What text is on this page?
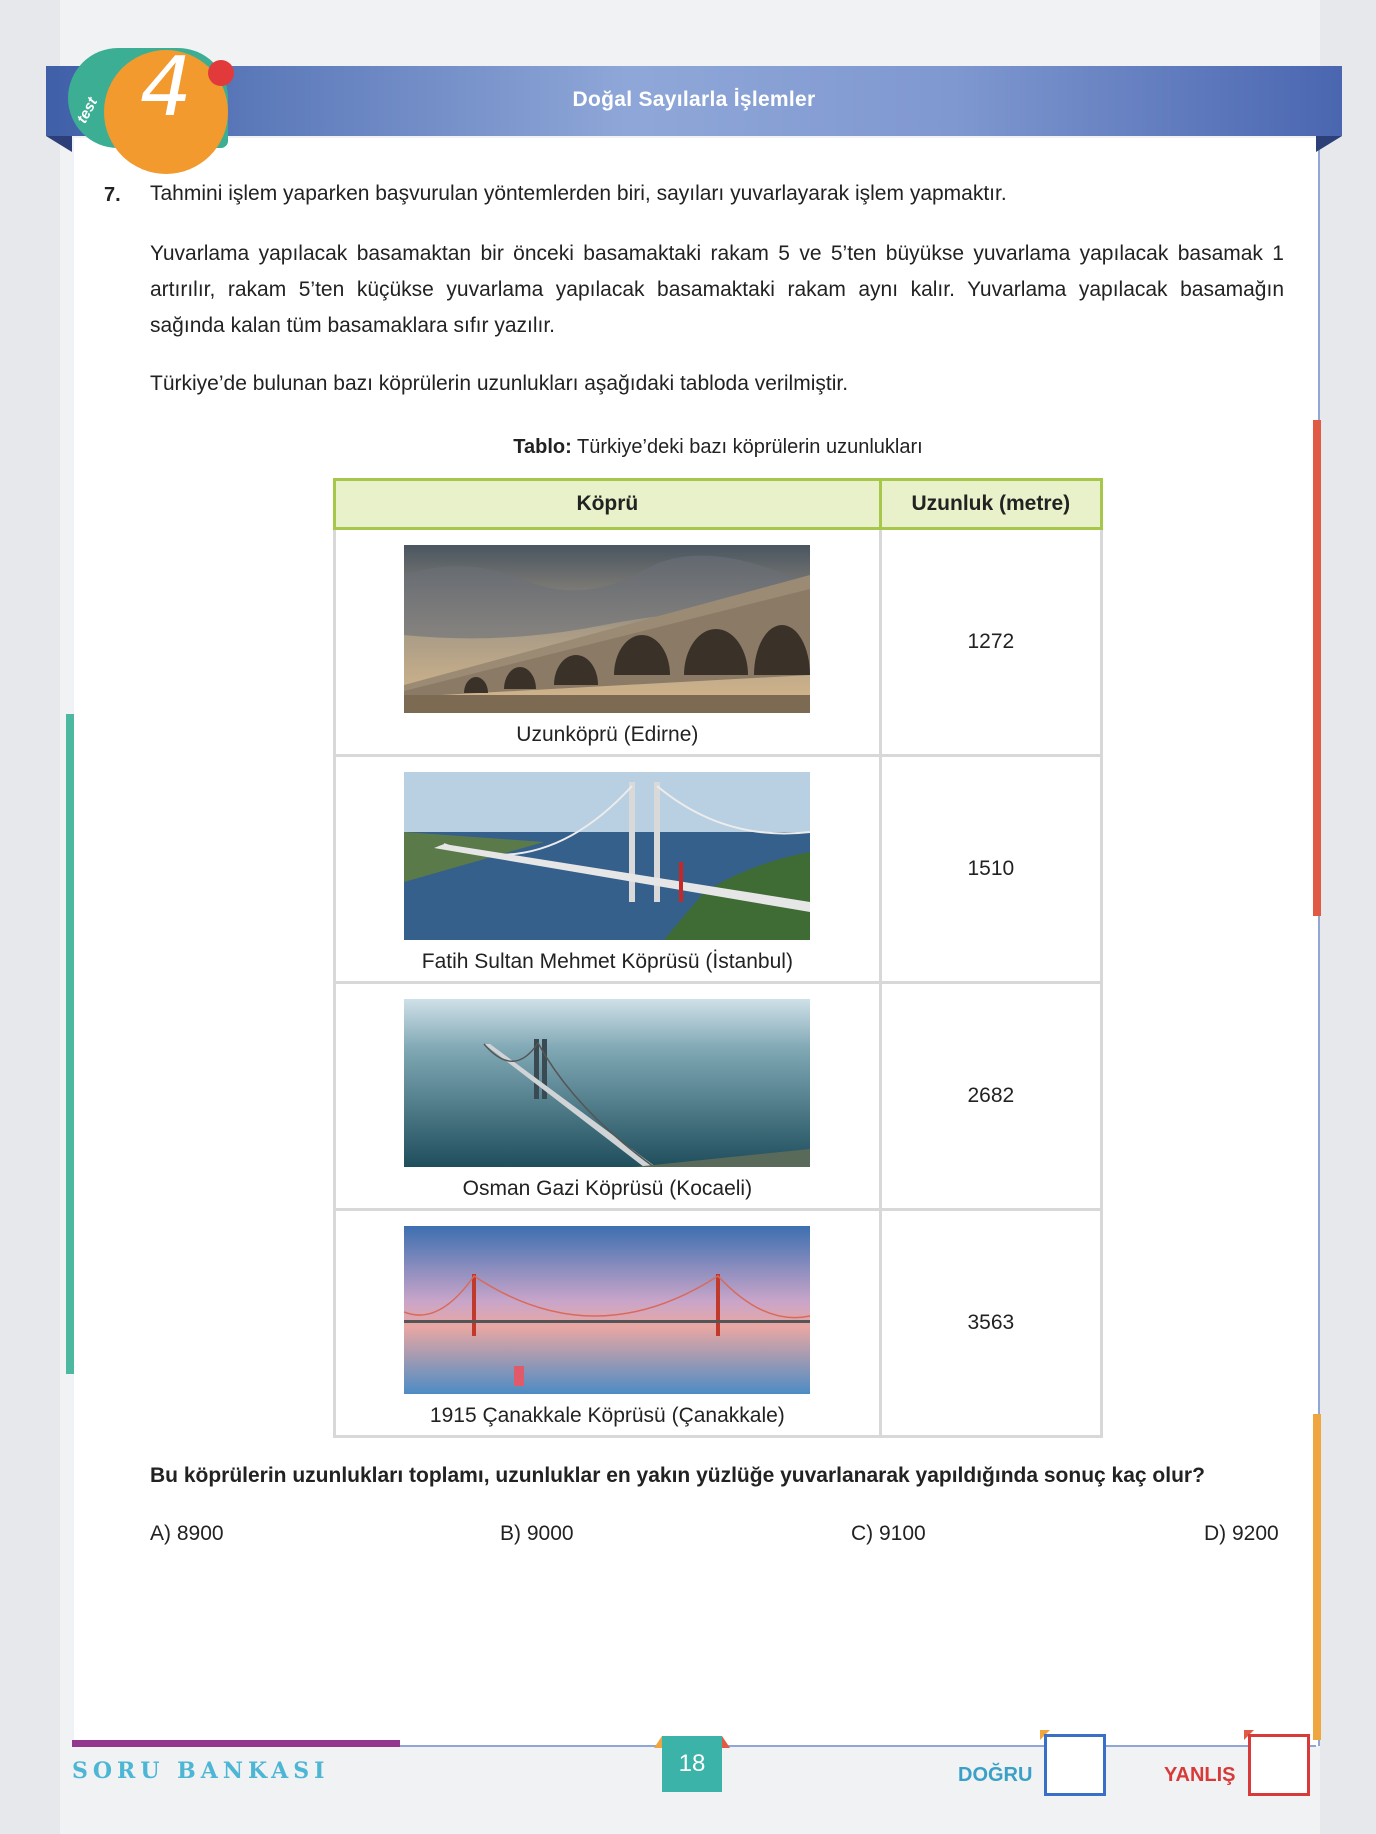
Doğal Sayılarla İşlemler
test 4
7. Tahmini işlem yaparken başvurulan yöntemlerden biri, sayıları yuvarlayarak işlem yapmaktır.
Yuvarlama yapılacak basamaktan bir önceki basamaktaki rakam 5 ve 5’ten büyükse yuvarlama yapılacak basamak 1 artırılır, rakam 5’ten küçükse yuvarlama yapılacak basamaktaki rakam aynı kalır. Yuvarlama yapılacak basamağın sağında kalan tüm basamaklara sıfır yazılır.
Türkiye’de bulunan bazı köprülerin uzunlukları aşağıdaki tabloda verilmiştir.
Tablo: Türkiye’deki bazı köprülerin uzunlukları
Köprü	Uzunluk (metre)

Uzunköprü (Edirne)	1272

Fatih Sultan Mehmet Köprüsü (İstanbul)	1510

Osman Gazi Köprüsü (Kocaeli)	2682

1915 Çanakkale Köprüsü (Çanakkale)	3563
Bu köprülerin uzunlukları toplamı, uzunluklar en yakın yüzlüğe yuvarlanarak yapıldığında sonuç kaç olur?
A) 8900	B) 9000	C) 9100	D) 9200
SORU BANKASI	18	DOĞRU	YANLIŞ
